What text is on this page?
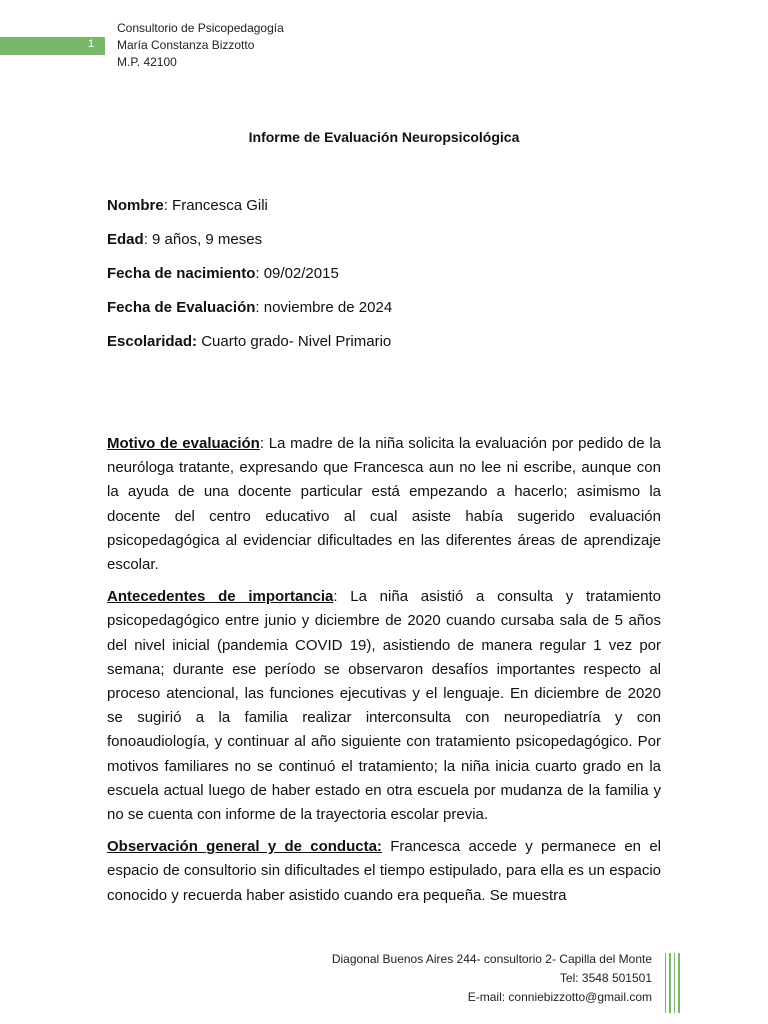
1
Consultorio de Psicopedagogía
María Constanza Bizzotto
M.P. 42100
Informe de Evaluación Neuropsicológica
Nombre: Francesca Gili
Edad: 9 años, 9 meses
Fecha de nacimiento: 09/02/2015
Fecha de Evaluación: noviembre de 2024
Escolaridad: Cuarto grado- Nivel Primario

Motivo de evaluación: La madre de la niña solicita la evaluación por pedido de la neuróloga tratante, expresando que Francesca aun no lee ni escribe, aunque con la ayuda de una docente particular está empezando a hacerlo; asimismo la docente del centro educativo al cual asiste había sugerido evaluación psicopedagógica al evidenciar dificultades en las diferentes áreas de aprendizaje escolar.

Antecedentes de importancia: La niña asistió a consulta y tratamiento psicopedagógico entre junio y diciembre de 2020 cuando cursaba sala de 5 años del nivel inicial (pandemia COVID 19), asistiendo de manera regular 1 vez por semana; durante ese período se observaron desafíos importantes respecto al proceso atencional, las funciones ejecutivas y el lenguaje. En diciembre de 2020 se sugirió a la familia realizar interconsulta con neuropediatría y con fonoaudiología, y continuar al año siguiente con tratamiento psicopedagógico. Por motivos familiares no se continuó el tratamiento; la niña inicia cuarto grado en la escuela actual luego de haber estado en otra escuela por mudanza de la familia y no se cuenta con informe de la trayectoria escolar previa.

Observación general y de conducta: Francesca accede y permanece en el espacio de consultorio sin dificultades el tiempo estipulado, para ella es un espacio conocido y recuerda haber asistido cuando era pequeña. Se muestra

Diagonal Buenos Aires 244- consultorio 2- Capilla del Monte
Tel: 3548 501501
E-mail: conniebizzotto@gmail.com
